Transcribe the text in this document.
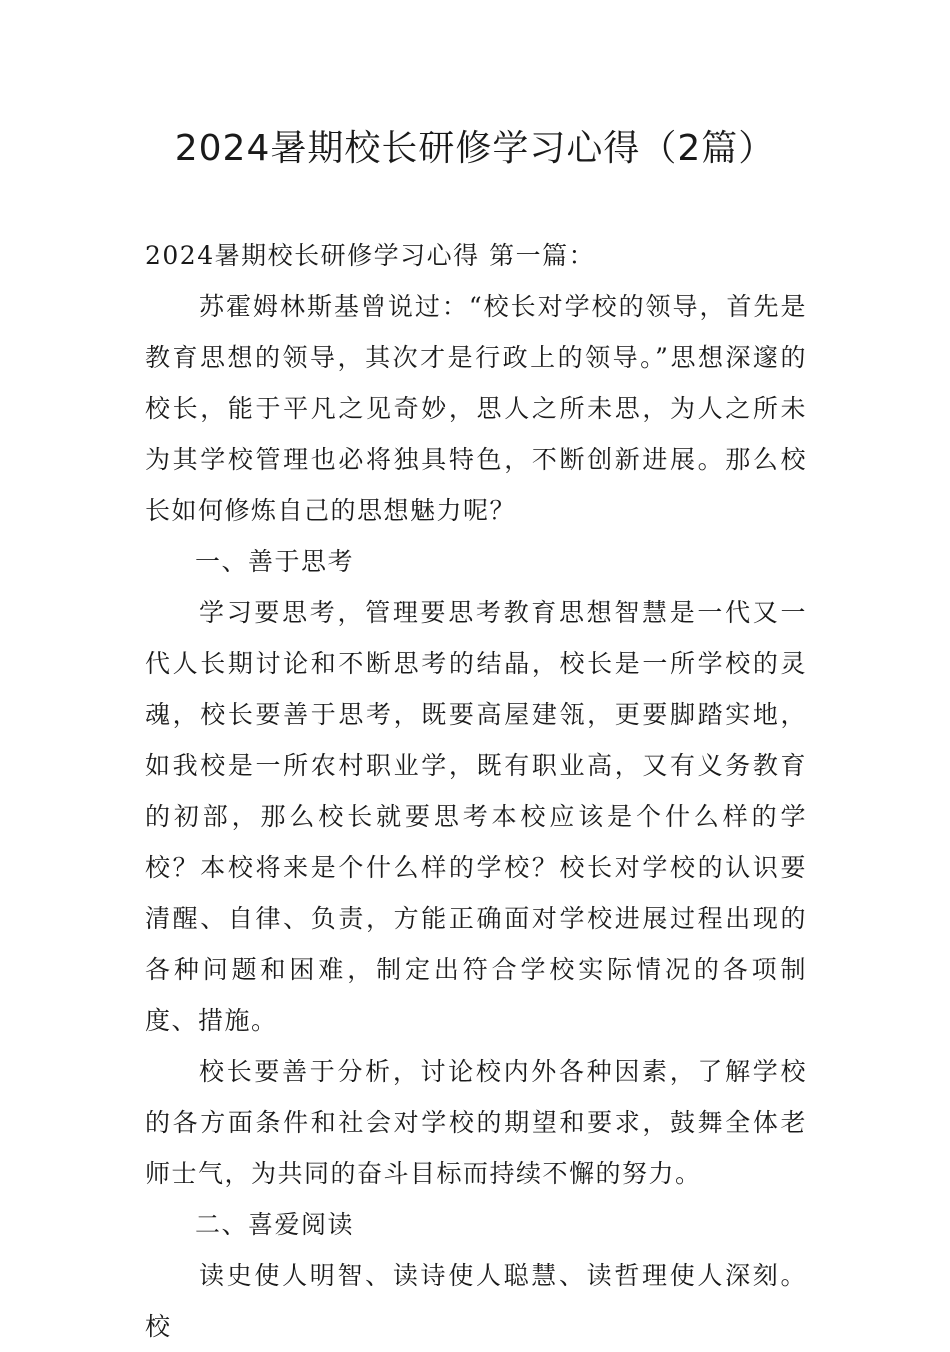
2024暑期校长研修学习心得（2篇）

2024暑期校长研修学习心得 第一篇：

苏霍姆林斯基曾说过：“校长对学校的领导，首先是教育思想的领导，其次才是行政上的领导。”思想深邃的校长，能于平凡之见奇妙，思人之所未思，为人之所未为其学校管理也必将独具特色，不断创新进展。那么校长如何修炼自己的思想魅力呢？

一、善于思考

学习要思考，管理要思考教育思想智慧是一代又一代人长期讨论和不断思考的结晶，校长是一所学校的灵魂，校长要善于思考，既要高屋建瓴，更要脚踏实地，如我校是一所农村职业学，既有职业高，又有义务教育的初部，那么校长就要思考本校应该是个什么样的学校？本校将来是个什么样的学校？校长对学校的认识要清醒、自律、负责，方能正确面对学校进展过程出现的各种问题和困难，制定出符合学校实际情况的各项制度、措施。

校长要善于分析，讨论校内外各种因素，了解学校的各方面条件和社会对学校的期望和要求，鼓舞全体老师士气，为共同的奋斗目标而持续不懈的努力。

二、喜爱阅读

读史使人明智、读诗使人聪慧、读哲理使人深刻。校
